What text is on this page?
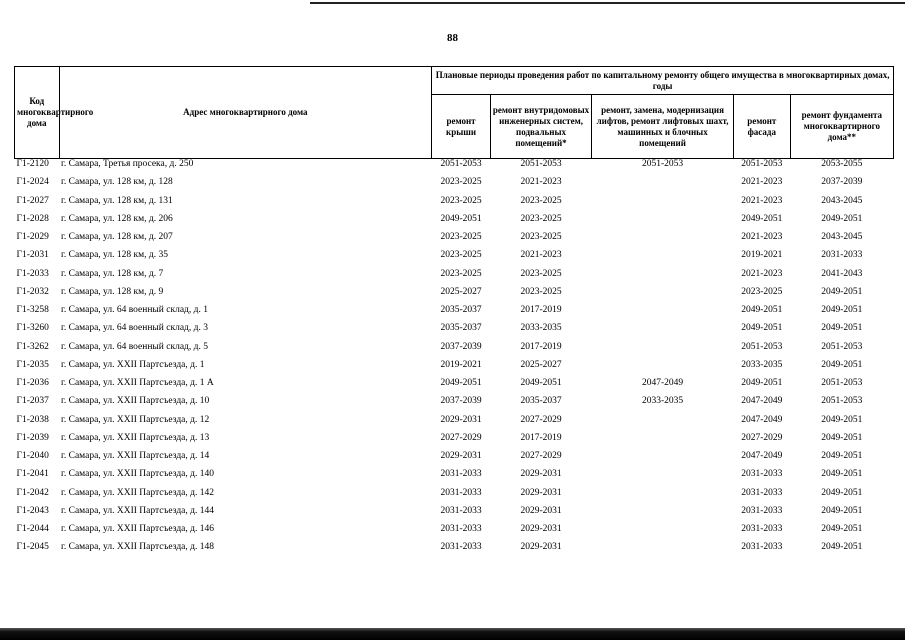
88
Код многоквартирного дома	Адрес многоквартирного дома	Плановые периоды проведения работ по капитальному ремонту общего имущества в многоквартирных домах, годы				
		ремонт крыши	ремонт внутридомовых инженерных систем, подвальных помещений*	ремонт, замена, модернизация лифтов, ремонт лифтовых шахт, машинных и блочных помещений	ремонт фасада	ремонт фундамента многоквартирного дома**
Г1-2120	г. Самара, Третья просека, д. 250	2051-2053	2051-2053	2051-2053	2051-2053	2053-2055
Г1-2024	г. Самара, ул. 128 км, д. 128	2023-2025	2021-2023		2021-2023	2037-2039
Г1-2027	г. Самара, ул. 128 км, д. 131	2023-2025	2023-2025		2021-2023	2043-2045
Г1-2028	г. Самара, ул. 128 км, д. 206	2049-2051	2023-2025		2049-2051	2049-2051
Г1-2029	г. Самара, ул. 128 км, д. 207	2023-2025	2023-2025		2021-2023	2043-2045
Г1-2031	г. Самара, ул. 128 км, д. 35	2023-2025	2021-2023		2019-2021	2031-2033
Г1-2033	г. Самара, ул. 128 км, д. 7	2023-2025	2023-2025		2021-2023	2041-2043
Г1-2032	г. Самара, ул. 128 км, д. 9	2025-2027	2023-2025		2023-2025	2049-2051
Г1-3258	г. Самара, ул. 64 военный склад, д. 1	2035-2037	2017-2019		2049-2051	2049-2051
Г1-3260	г. Самара, ул. 64 военный склад, д. 3	2035-2037	2033-2035		2049-2051	2049-2051
Г1-3262	г. Самара, ул. 64 военный склад, д. 5	2037-2039	2017-2019		2051-2053	2051-2053
Г1-2035	г. Самара, ул. XXII Партсъезда, д. 1	2019-2021	2025-2027		2033-2035	2049-2051
Г1-2036	г. Самара, ул. XXII Партсъезда, д. 1 А	2049-2051	2049-2051	2047-2049	2049-2051	2051-2053
Г1-2037	г. Самара, ул. XXII Партсъезда, д. 10	2037-2039	2035-2037	2033-2035	2047-2049	2051-2053
Г1-2038	г. Самара, ул. XXII Партсъезда, д. 12	2029-2031	2027-2029		2047-2049	2049-2051
Г1-2039	г. Самара, ул. XXII Партсъезда, д. 13	2027-2029	2017-2019		2027-2029	2049-2051
Г1-2040	г. Самара, ул. XXII Партсъезда, д. 14	2029-2031	2027-2029		2047-2049	2049-2051
Г1-2041	г. Самара, ул. XXII Партсъезда, д. 140	2031-2033	2029-2031		2031-2033	2049-2051
Г1-2042	г. Самара, ул. XXII Партсъезда, д. 142	2031-2033	2029-2031		2031-2033	2049-2051
Г1-2043	г. Самара, ул. XXII Партсъезда, д. 144	2031-2033	2029-2031		2031-2033	2049-2051
Г1-2044	г. Самара, ул. XXII Партсъезда, д. 146	2031-2033	2029-2031		2031-2033	2049-2051
Г1-2045	г. Самара, ул. XXII Партсъезда, д. 148	2031-2033	2029-2031		2031-2033	2049-2051
